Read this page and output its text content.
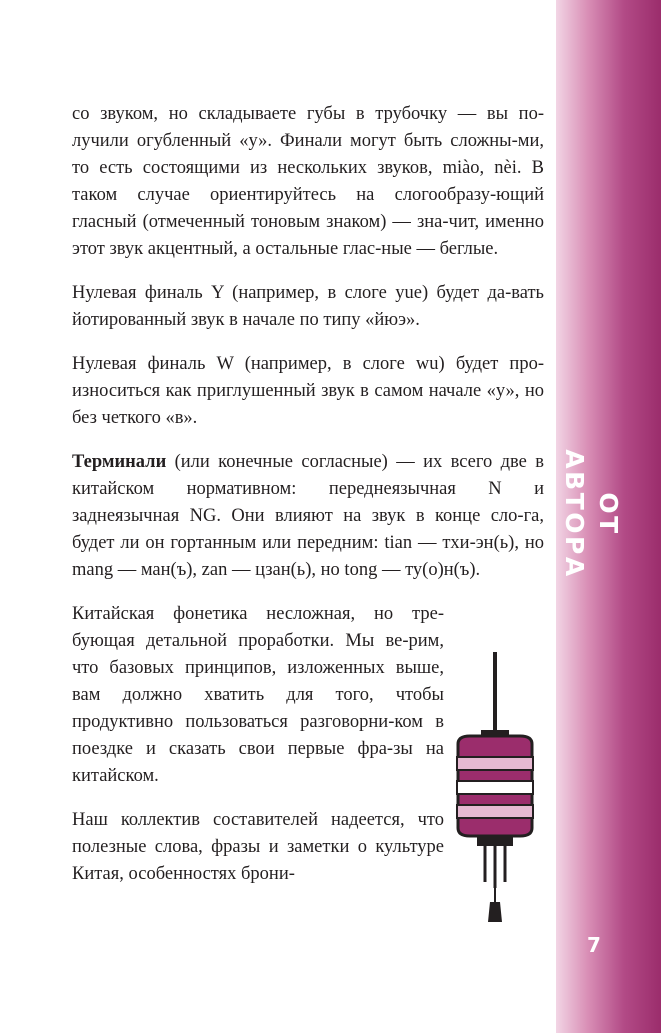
ОТ АВТОРА
7

со звуком, но складываете губы в трубочку — вы по-лучили огубленный «у». Финали могут быть сложны-ми, то есть состоящими из нескольких звуков, miào, nèi. В таком случае ориентируйтесь на слогообразу-ющий гласный (отмеченный тоновым знаком) — зна-чит, именно этот звук акцентный, а остальные глас-ные — беглые.

Нулевая финаль Y (например, в слоге yue) будет да-вать йотированный звук в начале по типу «йюэ».

Нулевая финаль W (например, в слоге wu) будет про-износиться как приглушенный звук в самом начале «у», но без четкого «в».

Терминали (или конечные согласные) — их всего две в китайском нормативном: переднеязычная N и заднеязычная NG. Они влияют на звук в конце сло-га, будет ли он гортанным или передним: tian — тхи-эн(ь), но mang — ман(ъ), zan — цзан(ь), но tong — ту(о)н(ъ).

Китайская фонетика несложная, но тре-бующая детальной проработки. Мы ве-рим, что базовых принципов, изложенных выше, вам должно хватить для того, чтобы продуктивно пользоваться разговорни-ком в поездке и сказать свои первые фра-зы на китайском.

Наш коллектив составителей надеется, что полезные слова, фразы и заметки о культуре Китая, особенностях брони-
